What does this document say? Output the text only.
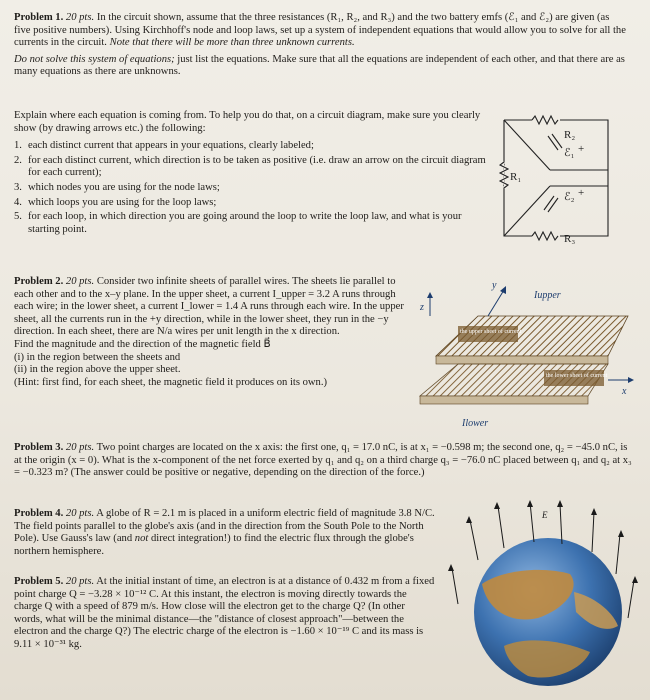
Problem 1. 20 pts. In the circuit shown, assume that the three resistances (R₁, R₂, and R₃) and the two battery emfs (ℰ₁ and ℰ₂) are given (as five positive numbers). Using Kirchhoff's node and loop laws, set up a system of independent equations that would allow you to solve for all the currents in the circuit. Note that there will be more than three unknown currents.

Do not solve this system of equations; just list the equations. Make sure that all the equations are independent of each other, and that there are as many equations as there are unknowns.

Explain where each equation is coming from. To help you do that, on a circuit diagram, make sure you clearly show (by drawing arrows etc.) the following:

1. each distinct current that appears in your equations, clearly labeled;
2. for each distinct current, which direction is to be taken as positive (i.e. draw an arrow on the circuit diagram for each current);
3. which nodes you are using for the node laws;
4. which loops you are using for the loop laws;
5. for each loop, in which direction you are going around the loop to write the loop law, and what is your starting point.
R₂
R₃
R₁
ℰ₁ +
ℰ₂ +

Problem 2. 20 pts. Consider two infinite sheets of parallel wires. The sheets lie parallel to each other and to the x–y plane. In the upper sheet, a current I_upper = 3.2 A runs through each wire; in the lower sheet, a current I_lower = 1.4 A runs through each wire. In the upper sheet, all the currents run in the +y direction, while in the lower sheet, they run in the −y direction. In each sheet, there are N/a wires per unit length in the x direction.

Find the magnitude and the direction of the magnetic field B⃗

(i) in the region between the sheets and

(ii) in the region above the upper sheet.

(Hint: first find, for each sheet, the magnetic field it produces on its own.)

the upper sheet of current
the lower sheet of current
z
y
x
Iupper
Ilower

Problem 3. 20 pts. Two point charges are located on the x axis: the first one, q₁ = 17.0 nC, is at x₁ = −0.598 m; the second one, q₂ = −45.0 nC, is at the origin (x = 0). What is the x-component of the net force exerted by q₁ and q₂ on a third charge q₃ = −76.0 nC placed between q₁ and q₂ at x₃ = −0.323 m? (The answer could be positive or negative, depending on the direction of the force.)

Problem 4. 20 pts. A globe of R = 2.1 m is placed in a uniform electric field of magnitude 3.8 N/C. The field points parallel to the globe's axis (and in the direction from the South Pole to the North Pole). Use Gauss's law (and not direct integration!) to find the electric flux through the globe's northern hemisphere.

Problem 5. 20 pts. At the initial instant of time, an electron is at a distance of 0.432 m from a fixed point charge Q = −3.28 × 10⁻¹² C. At this instant, the electron is moving directly towards the charge Q with a speed of 879 m/s. How close will the electron get to the charge Q? (In other words, what will be the minimal distance—the "distance of closest approach"—between the electron and the charge Q?) The electric charge of the electron is −1.60 × 10⁻¹⁹ C and its mass is 9.11 × 10⁻³¹ kg.

E
